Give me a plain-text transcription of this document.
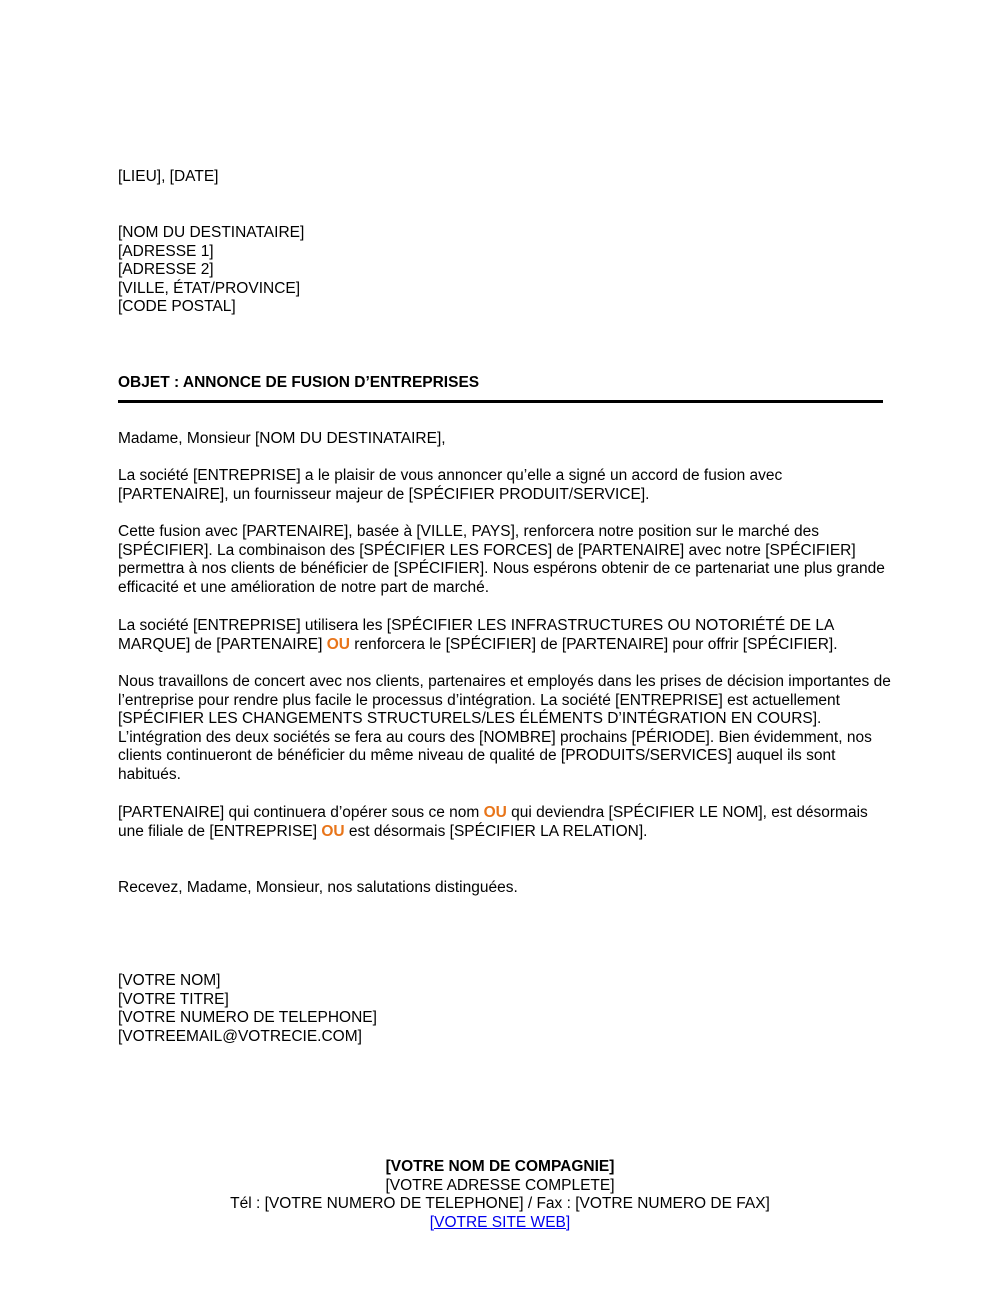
[LIEU], [DATE]
[NOM DU DESTINATAIRE]
[ADRESSE 1]
[ADRESSE 2]
[VILLE, ÉTAT/PROVINCE]
[CODE POSTAL]
OBJET : ANNONCE DE FUSION D’ENTREPRISES
Madame, Monsieur [NOM DU DESTINATAIRE],
La société [ENTREPRISE] a le plaisir de vous annoncer qu’elle a signé un accord de fusion avec [PARTENAIRE], un fournisseur majeur de [SPÉCIFIER PRODUIT/SERVICE].
Cette fusion avec [PARTENAIRE], basée à [VILLE, PAYS], renforcera notre position sur le marché des [SPÉCIFIER]. La combinaison des [SPÉCIFIER LES FORCES] de [PARTENAIRE] avec notre [SPÉCIFIER] permettra à nos clients de bénéficier de [SPÉCIFIER]. Nous espérons obtenir de ce partenariat une plus grande efficacité et une amélioration de notre part de marché.
La société [ENTREPRISE] utilisera les [SPÉCIFIER LES INFRASTRUCTURES OU NOTORIÉTÉ DE LA MARQUE] de [PARTENAIRE] OU renforcera le [SPÉCIFIER] de [PARTENAIRE] pour offrir [SPÉCIFIER].
Nous travaillons de concert avec nos clients, partenaires et employés dans les prises de décision importantes de l’entreprise pour rendre plus facile le processus d’intégration. La société [ENTREPRISE] est actuellement [SPÉCIFIER LES CHANGEMENTS STRUCTURELS/LES ÉLÉMENTS D’INTÉGRATION EN COURS]. L’intégration des deux sociétés se fera au cours des [NOMBRE] prochains [PÉRIODE]. Bien évidemment, nos clients continueront de bénéficier du même niveau de qualité de [PRODUITS/SERVICES] auquel ils sont habitués.
[PARTENAIRE] qui continuera d’opérer sous ce nom OU qui deviendra [SPÉCIFIER LE NOM], est désormais une filiale de [ENTREPRISE] OU est désormais [SPÉCIFIER LA RELATION].
Recevez, Madame, Monsieur, nos salutations distinguées.
[VOTRE NOM]
[VOTRE TITRE]
[VOTRE NUMERO DE TELEPHONE]
[VOTREEMAIL@VOTRECIE.COM]
[VOTRE NOM DE COMPAGNIE]
[VOTRE ADRESSE COMPLETE]
Tél : [VOTRE NUMERO DE TELEPHONE] / Fax : [VOTRE NUMERO DE FAX]
[VOTRE SITE WEB]
